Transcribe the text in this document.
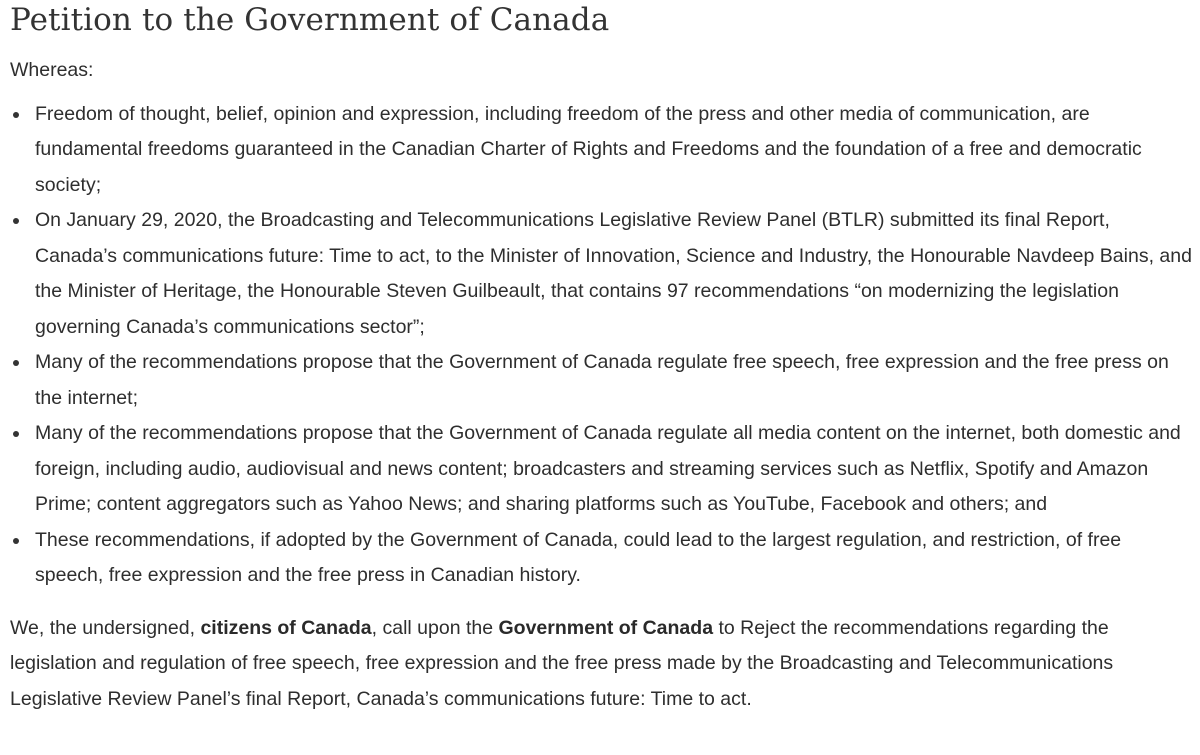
Petition to the Government of Canada

Whereas:

Freedom of thought, belief, opinion and expression, including freedom of the press and other media of communication, are fundamental freedoms guaranteed in the Canadian Charter of Rights and Freedoms and the foundation of a free and democratic society;
On January 29, 2020, the Broadcasting and Telecommunications Legislative Review Panel (BTLR) submitted its final Report, Canada’s communications future: Time to act, to the Minister of Innovation, Science and Industry, the Honourable Navdeep Bains, and the Minister of Heritage, the Honourable Steven Guilbeault, that contains 97 recommendations “on modernizing the legislation governing Canada’s communications sector”;
Many of the recommendations propose that the Government of Canada regulate free speech, free expression and the free press on the internet;
Many of the recommendations propose that the Government of Canada regulate all media content on the internet, both domestic and foreign, including audio, audiovisual and news content; broadcasters and streaming services such as Netflix, Spotify and Amazon Prime; content aggregators such as Yahoo News; and sharing platforms such as YouTube, Facebook and others; and
These recommendations, if adopted by the Government of Canada, could lead to the largest regulation, and restriction, of free speech, free expression and the free press in Canadian history.

We, the undersigned, citizens of Canada, call upon the Government of Canada to Reject the recommendations regarding the legislation and regulation of free speech, free expression and the free press made by the Broadcasting and Telecommunications Legislative Review Panel’s final Report, Canada’s communications future: Time to act.
